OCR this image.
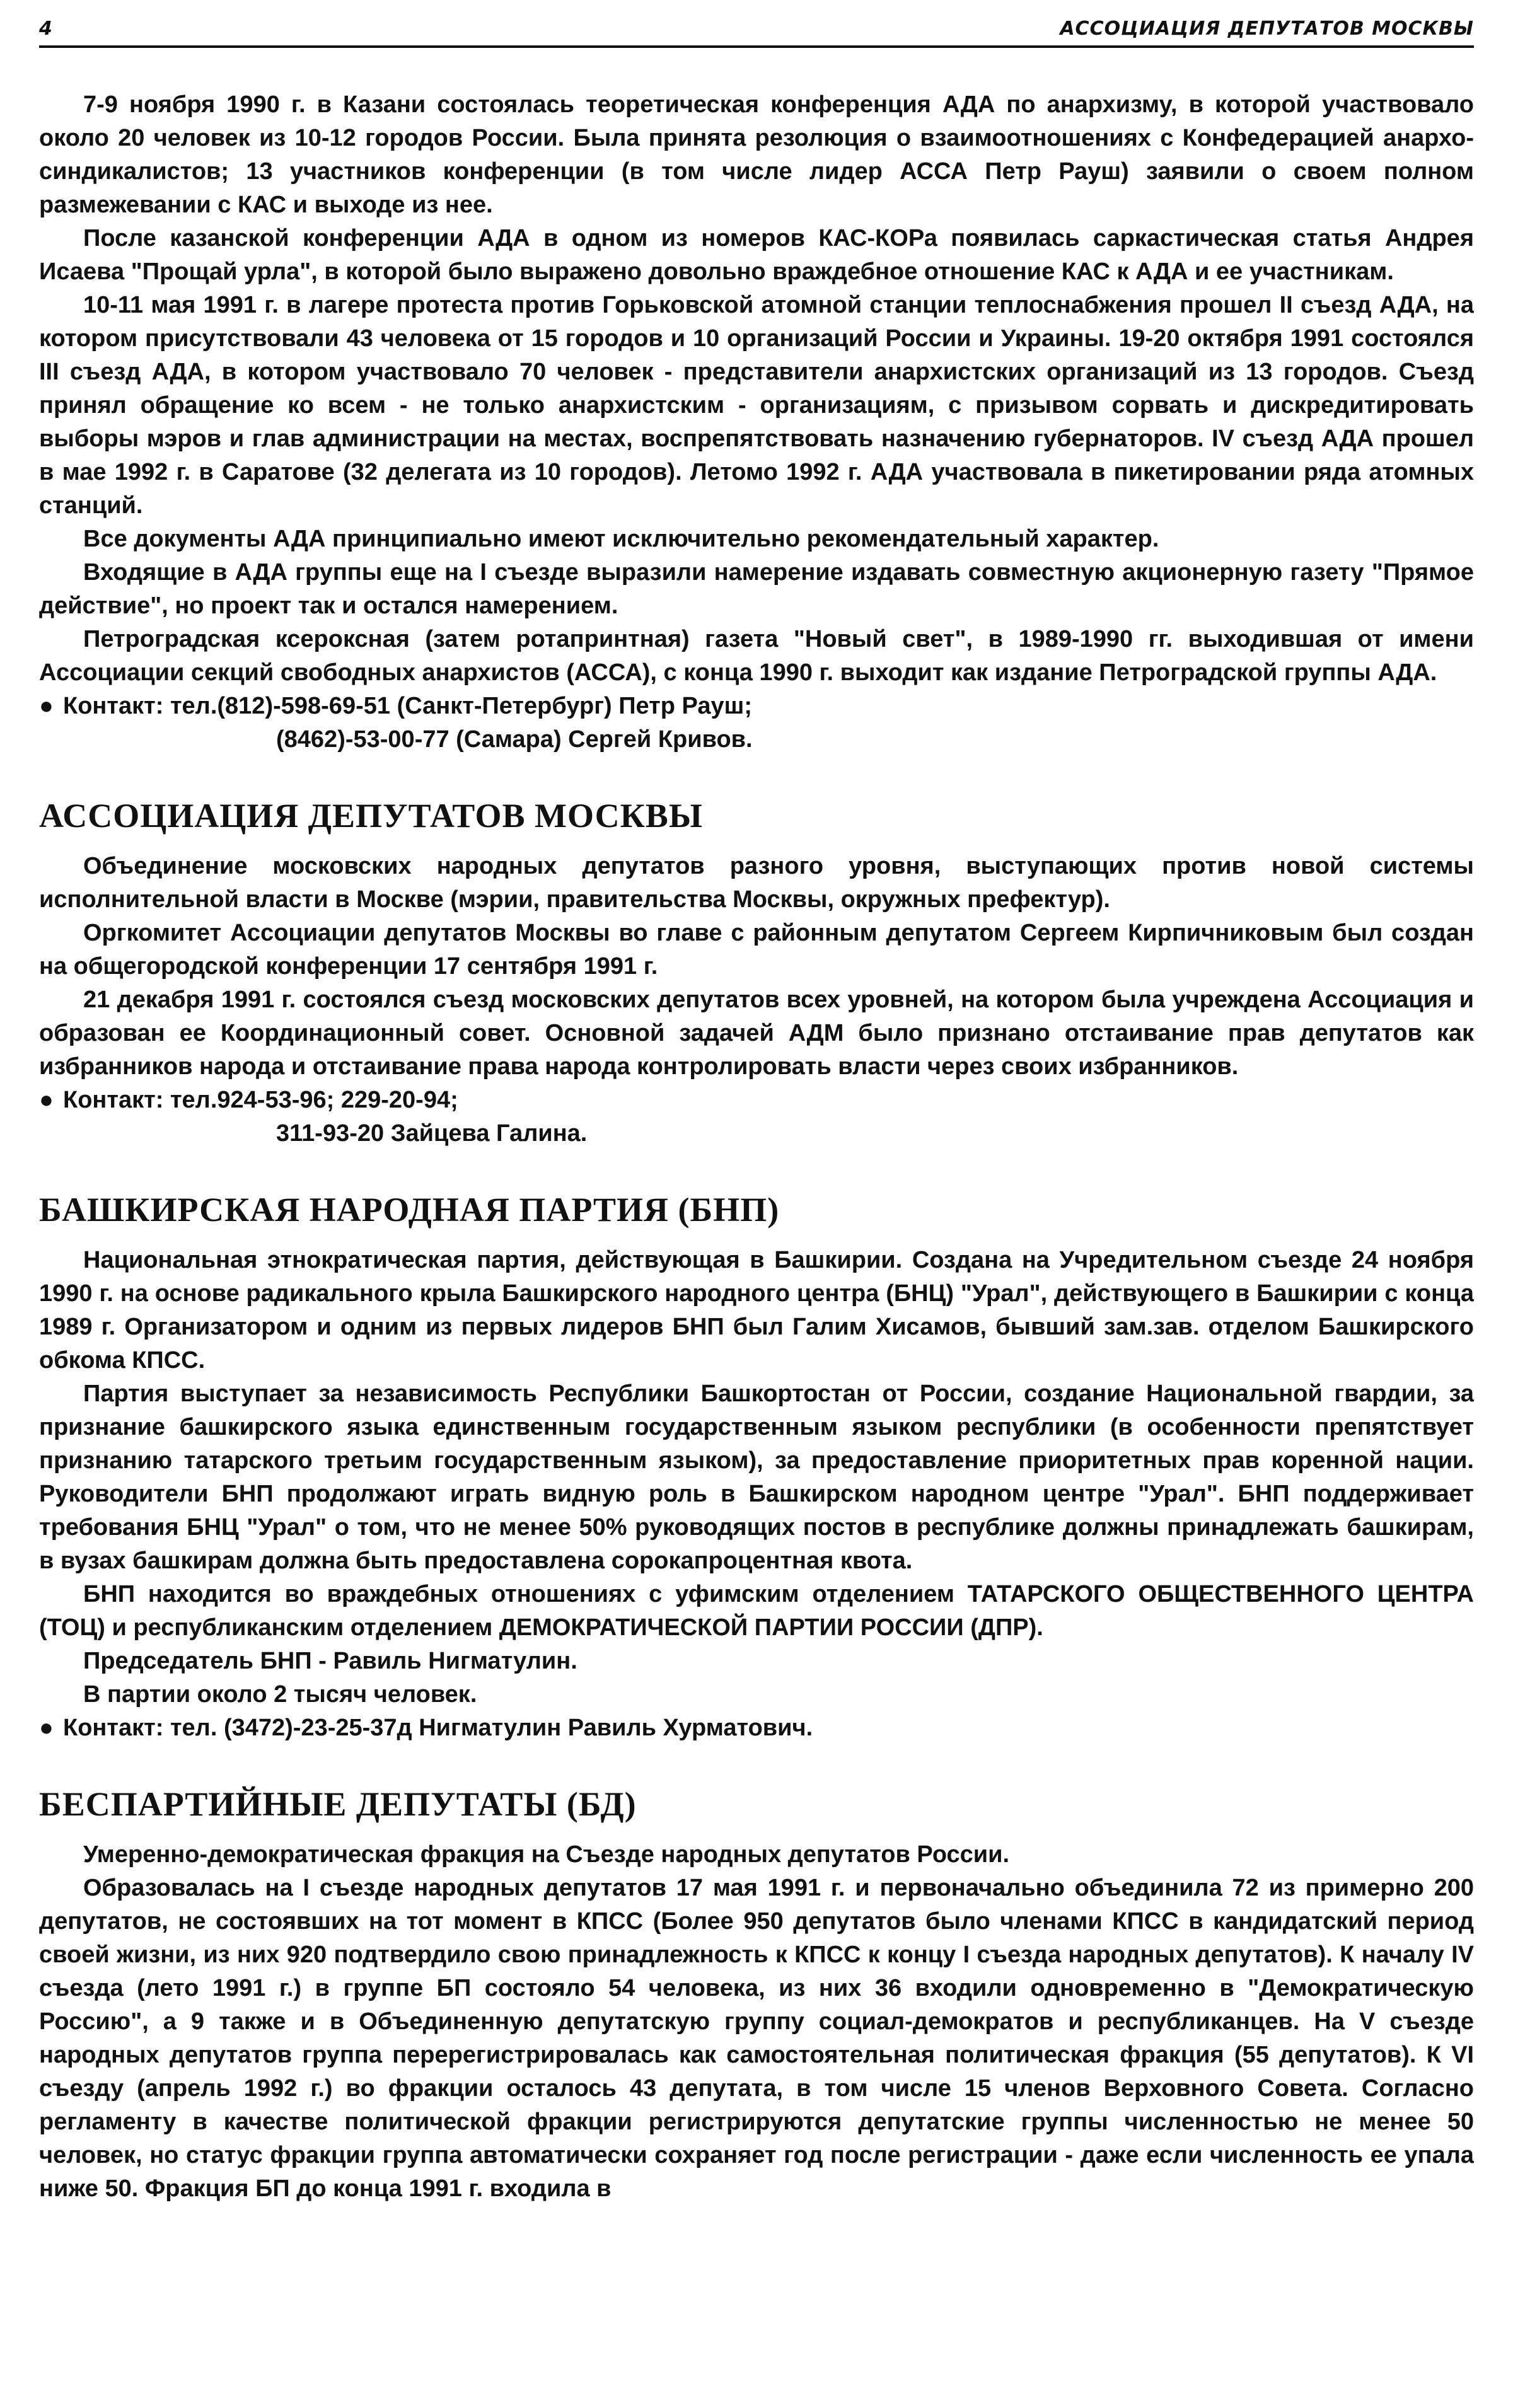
4	АССОЦИАЦИЯ ДЕПУТАТОВ МОСКВЫ

7-9 ноября 1990 г. в Казани состоялась теоретическая конференция АДА по анархизму, в которой участвовало около 20 человек из 10-12 городов России. Была принята резолюция о взаимоотношениях с Конфедерацией анархо-синдикалистов; 13 участников конференции (в том числе лидер АССА Петр Рауш) заявили о своем полном размежевании с КАС и выходе из нее.

После казанской конференции АДА в одном из номеров КАС-КОРа появилась саркастическая статья Андрея Исаева "Прощай урла", в которой было выражено довольно враждебное отношение КАС к АДА и ее участникам.

10-11 мая 1991 г. в лагере протеста против Горьковской атомной станции теплоснабжения прошел II съезд АДА, на котором присутствовали 43 человека от 15 городов и 10 организаций России и Украины. 19-20 октября 1991 состоялся III съезд АДА, в котором участвовало 70 человек - представители анархистских организаций из 13 городов. Съезд принял обращение ко всем - не только анархистским - организациям, с призывом сорвать и дискредитировать выборы мэров и глав администрации на местах, воспрепятствовать назначению губернаторов. IV съезд АДА прошел в мае 1992 г. в Саратове (32 делегата из 10 городов). Летомо 1992 г. АДА участвовала в пикетировании ряда атомных станций.

Все документы АДА принципиально имеют исключительно рекомендательный характер.

Входящие в АДА группы еще на I съезде выразили намерение издавать совместную акционерную газету "Прямое действие", но проект так и остался намерением.

Петроградская ксероксная (затем ротапринтная) газета "Новый свет", в 1989-1990 гг. выходившая от имени Ассоциации секций свободных анархистов (АССА), с конца 1990 г. выходит как издание Петроградской группы АДА.

● Контакт: тел.(812)-598-69-51 (Санкт-Петербург) Петр Рауш;
(8462)-53-00-77 (Самара) Сергей Кривов.
АССОЦИАЦИЯ ДЕПУТАТОВ МОСКВЫ

Объединение московских народных депутатов разного уровня, выступающих против новой системы исполнительной власти в Москве (мэрии, правительства Москвы, окружных префектур).

Оргкомитет Ассоциации депутатов Москвы во главе с районным депутатом Сергеем Кирпичниковым был создан на общегородской конференции 17 сентября 1991 г.

21 декабря 1991 г. состоялся съезд московских депутатов всех уровней, на котором была учреждена Ассоциация и образован ее Координационный совет. Основной задачей АДМ было признано отстаивание прав депутатов как избранников народа и отстаивание права народа контролировать власти через своих избранников.

● Контакт: тел.924-53-96; 229-20-94;
311-93-20 Зайцева Галина.
БАШКИРСКАЯ НАРОДНАЯ ПАРТИЯ (БНП)

Национальная этнократическая партия, действующая в Башкирии. Создана на Учредительном съезде 24 ноября 1990 г. на основе радикального крыла Башкирского народного центра (БНЦ) "Урал", действующего в Башкирии с конца 1989 г. Организатором и одним из первых лидеров БНП был Галим Хисамов, бывший зам.зав. отделом Башкирского обкома КПСС.

Партия выступает за независимость Республики Башкортостан от России, создание Национальной гвардии, за признание башкирского языка единственным государственным языком республики (в особенности препятствует признанию татарского третьим государственным языком), за предоставление приоритетных прав коренной нации. Руководители БНП продолжают играть видную роль в Башкирском народном центре "Урал". БНП поддерживает требования БНЦ "Урал" о том, что не менее 50% руководящих постов в республике должны принадлежать башкирам, в вузах башкирам должна быть предоставлена сорокапроцентная квота.

БНП находится во враждебных отношениях с уфимским отделением ТАТАРСКОГО ОБЩЕСТВЕННОГО ЦЕНТРА (ТОЦ) и республиканским отделением ДЕМОКРАТИЧЕСКОЙ ПАРТИИ РОССИИ (ДПР).

Председатель БНП - Равиль Нигматулин.

В партии около 2 тысяч человек.

● Контакт: тел. (3472)-23-25-37д Нигматулин Равиль Хурматович.
БЕСПАРТИЙНЫЕ ДЕПУТАТЫ (БД)

Умеренно-демократическая фракция на Съезде народных депутатов России.

Образовалась на I съезде народных депутатов 17 мая 1991 г. и первоначально объединила 72 из примерно 200 депутатов, не состоявших на тот момент в КПСС (Более 950 депутатов было членами КПСС в кандидатский период своей жизни, из них 920 подтвердило свою принадлежность к КПСС к концу I съезда народных депутатов). К началу IV съезда (лето 1991 г.) в группе БП состояло 54 человека, из них 36 входили одновременно в "Демократическую Россию", а 9 также и в Объединенную депутатскую группу социал-демократов и республиканцев. На V съезде народных депутатов группа перерегистрировалась как самостоятельная политическая фракция (55 депутатов). К VI съезду (апрель 1992 г.) во фракции осталось 43 депутата, в том числе 15 членов Верховного Совета. Согласно регламенту в качестве политической фракции регистрируются депутатские группы численностью не менее 50 человек, но статус фракции группа автоматически сохраняет год после регистрации - даже если численность ее упала ниже 50. Фракция БП до конца 1991 г. входила в
